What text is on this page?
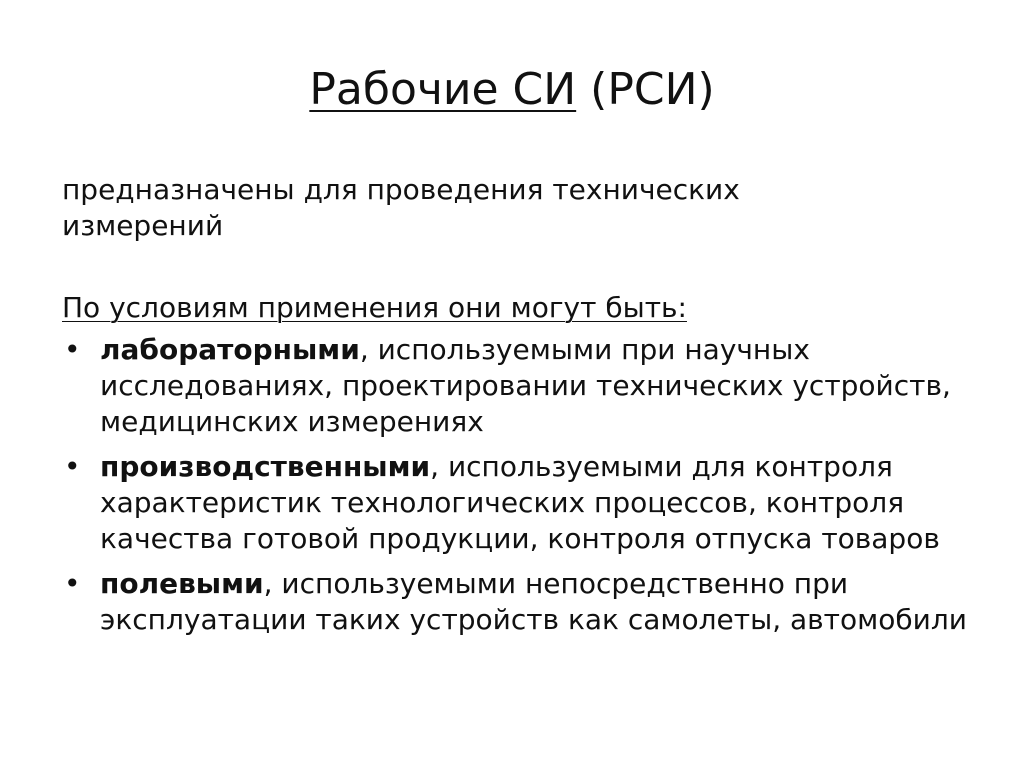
Рабочие СИ (РСИ)

предназначены для проведения технических измерений

По условиям применения они могут быть:

• лабораторными, используемыми при научных исследованиях, проектировании технических устройств, медицинских измерениях
• производственными, используемыми для контроля характеристик технологических процессов, контроля качества готовой продукции, контроля отпуска товаров
• полевыми, используемыми непосредственно при эксплуатации таких устройств как самолеты, автомобили
